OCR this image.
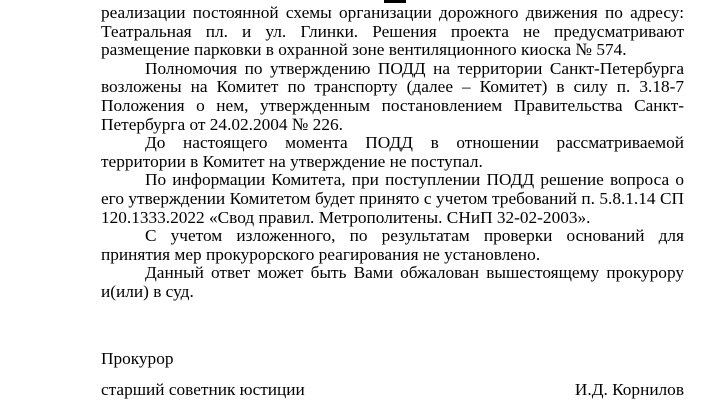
реализации постоянной схемы организации дорожного движения по адресу: Театральная пл. и ул. Глинки. Решения проекта не предусматривают размещение парковки в охранной зоне вентиляционного киоска № 574.

Полномочия по утверждению ПОДД на территории Санкт-Петербурга возложены на Комитет по транспорту (далее – Комитет) в силу п. 3.18-7 Положения о нем, утвержденным постановлением Правительства Санкт-Петербурга от 24.02.2004 № 226.

До настоящего момента ПОДД в отношении рассматриваемой территории в Комитет на утверждение не поступал.

По информации Комитета, при поступлении ПОДД решение вопроса о его утверждении Комитетом будет принято с учетом требований п. 5.8.1.14 СП 120.1333.2022 «Свод правил. Метрополитены. СНиП 32-02-2003».

С учетом изложенного, по результатам проверки оснований для принятия мер прокурорского реагирования не установлено.

Данный ответ может быть Вами обжалован вышестоящему прокурору и(или) в суд.

Прокурор
старший советник юстиции	И.Д. Корнилов
